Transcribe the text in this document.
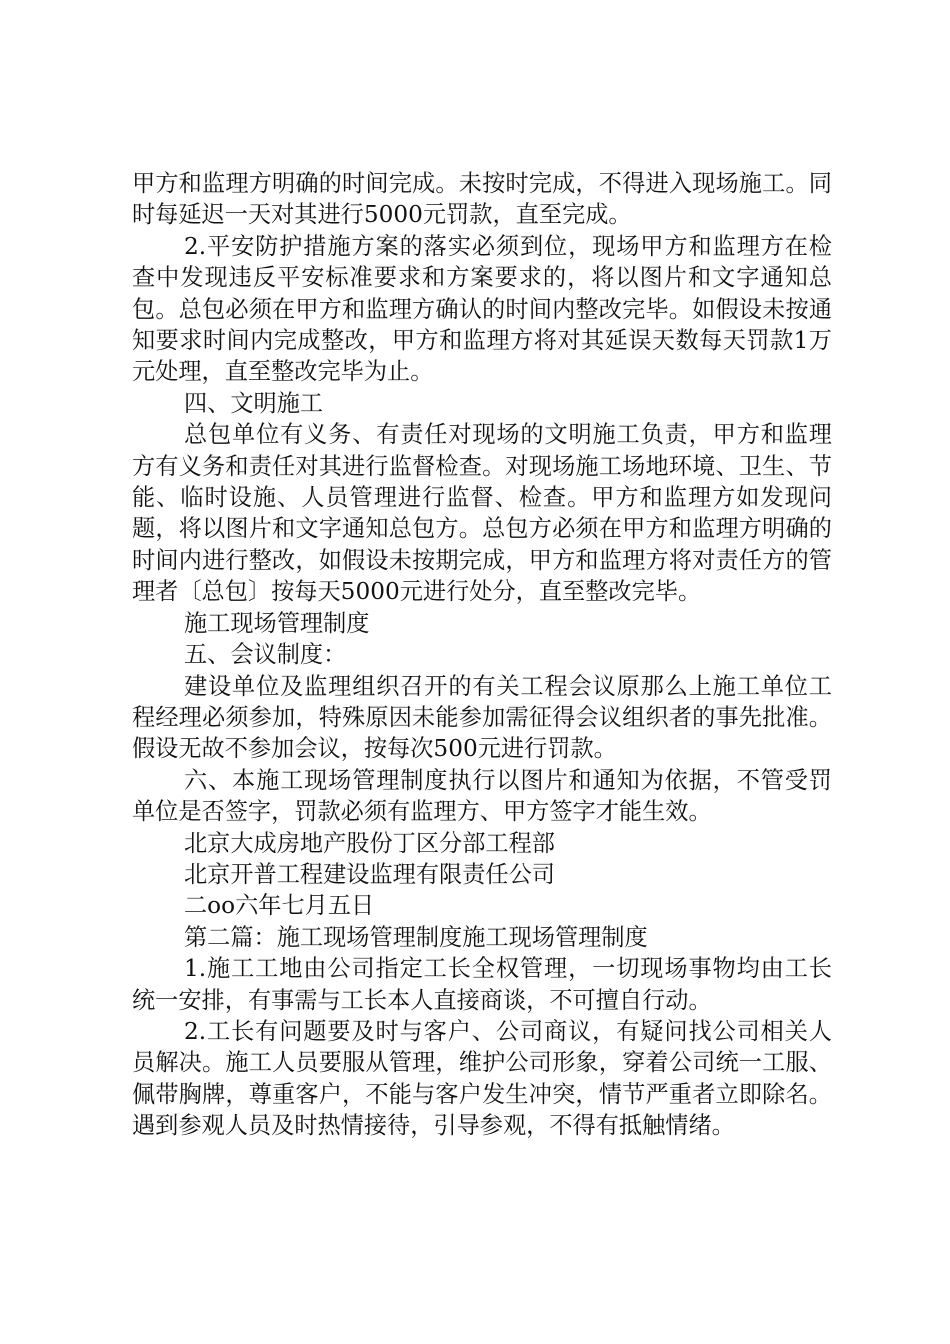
甲方和监理方明确的时间完成。未按时完成，不得进入现场施工。同时每延迟一天对其进行5000元罚款，直至完成。

2.平安防护措施方案的落实必须到位，现场甲方和监理方在检查中发现违反平安标准要求和方案要求的，将以图片和文字通知总包。总包必须在甲方和监理方确认的时间内整改完毕。如假设未按通知要求时间内完成整改，甲方和监理方将对其延误天数每天罚款1万元处理，直至整改完毕为止。

四、文明施工

总包单位有义务、有责任对现场的文明施工负责，甲方和监理方有义务和责任对其进行监督检查。对现场施工场地环境、卫生、节能、临时设施、人员管理进行监督、检查。甲方和监理方如发现问题，将以图片和文字通知总包方。总包方必须在甲方和监理方明确的时间内进行整改，如假设未按期完成，甲方和监理方将对责任方的管理者〔总包〕按每天5000元进行处分，直至整改完毕。

施工现场管理制度

五、会议制度：

建设单位及监理组织召开的有关工程会议原那么上施工单位工程经理必须参加，特殊原因未能参加需征得会议组织者的事先批准。假设无故不参加会议，按每次500元进行罚款。

六、本施工现场管理制度执行以图片和通知为依据，不管受罚单位是否签字，罚款必须有监理方、甲方签字才能生效。

北京大成房地产股份丁区分部工程部

北京开普工程建设监理有限责任公司

二oo六年七月五日

第二篇：施工现场管理制度施工现场管理制度

1.施工工地由公司指定工长全权管理，一切现场事物均由工长统一安排，有事需与工长本人直接商谈，不可擅自行动。

2.工长有问题要及时与客户、公司商议，有疑问找公司相关人员解决。施工人员要服从管理，维护公司形象，穿着公司统一工服、佩带胸牌，尊重客户，不能与客户发生冲突，情节严重者立即除名。遇到参观人员及时热情接待，引导参观，不得有抵触情绪。
